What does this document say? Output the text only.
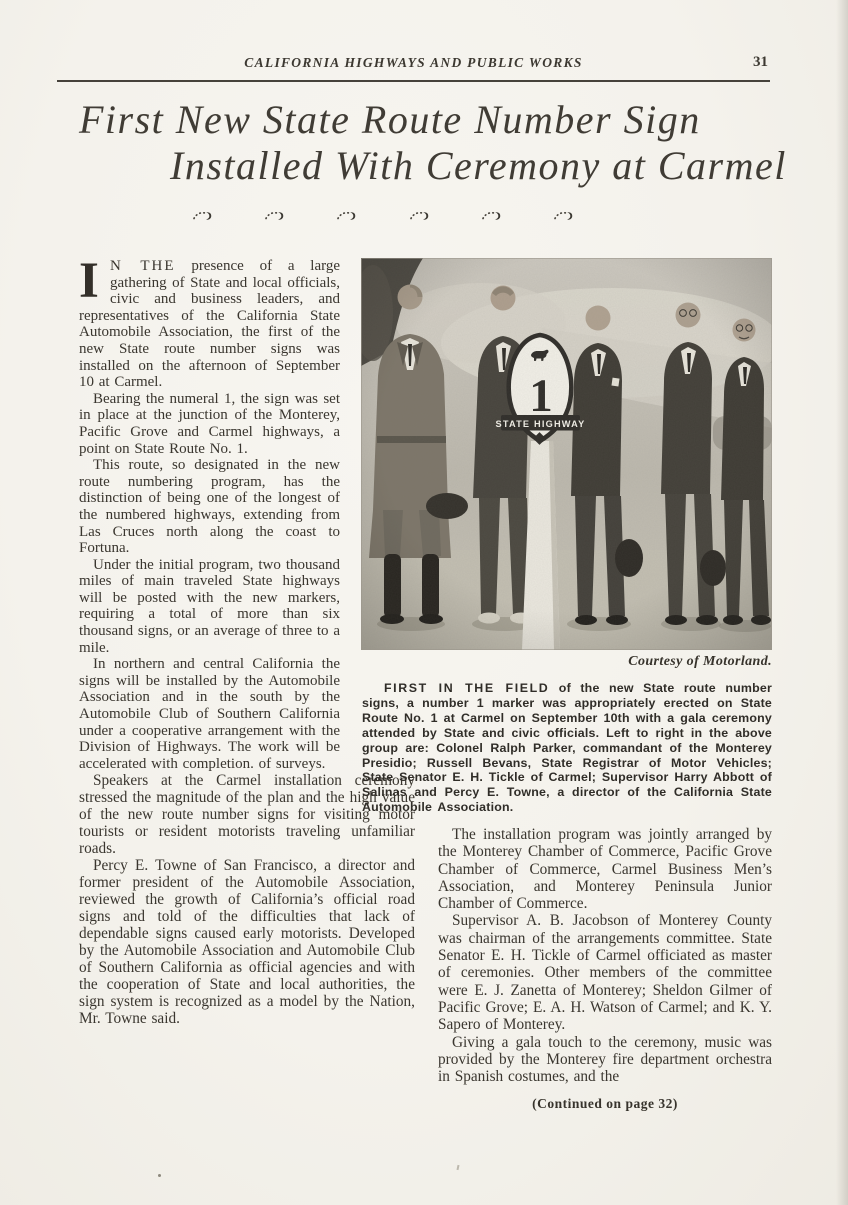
CALIFORNIA HIGHWAYS AND PUBLIC WORKS	31
First New State Route Number Sign
Installed With Ceremony at Carmel

I N THE presence of a large gathering of State and local officials, civic and business leaders, and representatives of the California State Automobile Association, the first of the new State route number signs was installed on the afternoon of September 10 at Carmel.

Bearing the numeral 1, the sign was set in place at the junction of the Monterey, Pacific Grove and Carmel highways, a point on State Route No. 1.

This route, so designated in the new route numbering program, has the distinction of being one of the longest of the numbered highways, extending from Las Cruces north along the coast to Fortuna.

Under the initial program, two thousand miles of main traveled State highways will be posted with the new markers, requiring a total of more than six thousand signs, or an average of three to a mile.

In northern and central California the signs will be installed by the Automobile Association and in the south by the Automobile Club of Southern California under a cooperative arrangement with the Division of Highways. The work will be accelerated with completion. of surveys.

Speakers at the Carmel installation ceremony stressed the magnitude of the plan and the high value of the new route number signs for visiting motor tourists or resident motorists traveling unfamiliar roads.

Percy E. Towne of San Francisco, a director and former president of the Automobile Association, reviewed the growth of California’s official road signs and told of the difficulties that lack of dependable signs caused early motorists. Developed by the Automobile Association and Automobile Club of Southern California as official agencies and with the cooperation of State and local authorities, the sign system is recognized as a model by the Nation, Mr. Towne said.

Courtesy of Motorland.
FIRST IN THE FIELD of the new State route number signs, a number 1 marker was appropriately erected on State Route No. 1 at Carmel on September 10th with a gala ceremony attended by State and civic officials. Left to right in the above group are: Colonel Ralph Parker, commandant of the Monterey Presidio; Russell Bevans, State Registrar of Motor Vehicles; State Senator E. H. Tickle of Carmel; Supervisor Harry Abbott of Salinas and Percy E. Towne, a director of the California State Automobile Association.

The installation program was jointly arranged by the Monterey Chamber of Commerce, Pacific Grove Chamber of Commerce, Carmel Business Men’s Association, and Monterey Peninsula Junior Chamber of Commerce.

Supervisor A. B. Jacobson of Monterey County was chairman of the arrangements committee. State Senator E. H. Tickle of Carmel officiated as master of ceremonies. Other members of the committee were E. J. Zanetta of Monterey; Sheldon Gilmer of Pacific Grove; E. A. H. Watson of Carmel; and K. Y. Sapero of Monterey.

Giving a gala touch to the ceremony, music was provided by the Monterey fire department orchestra in Spanish costumes, and the

(Continued on page 32)
